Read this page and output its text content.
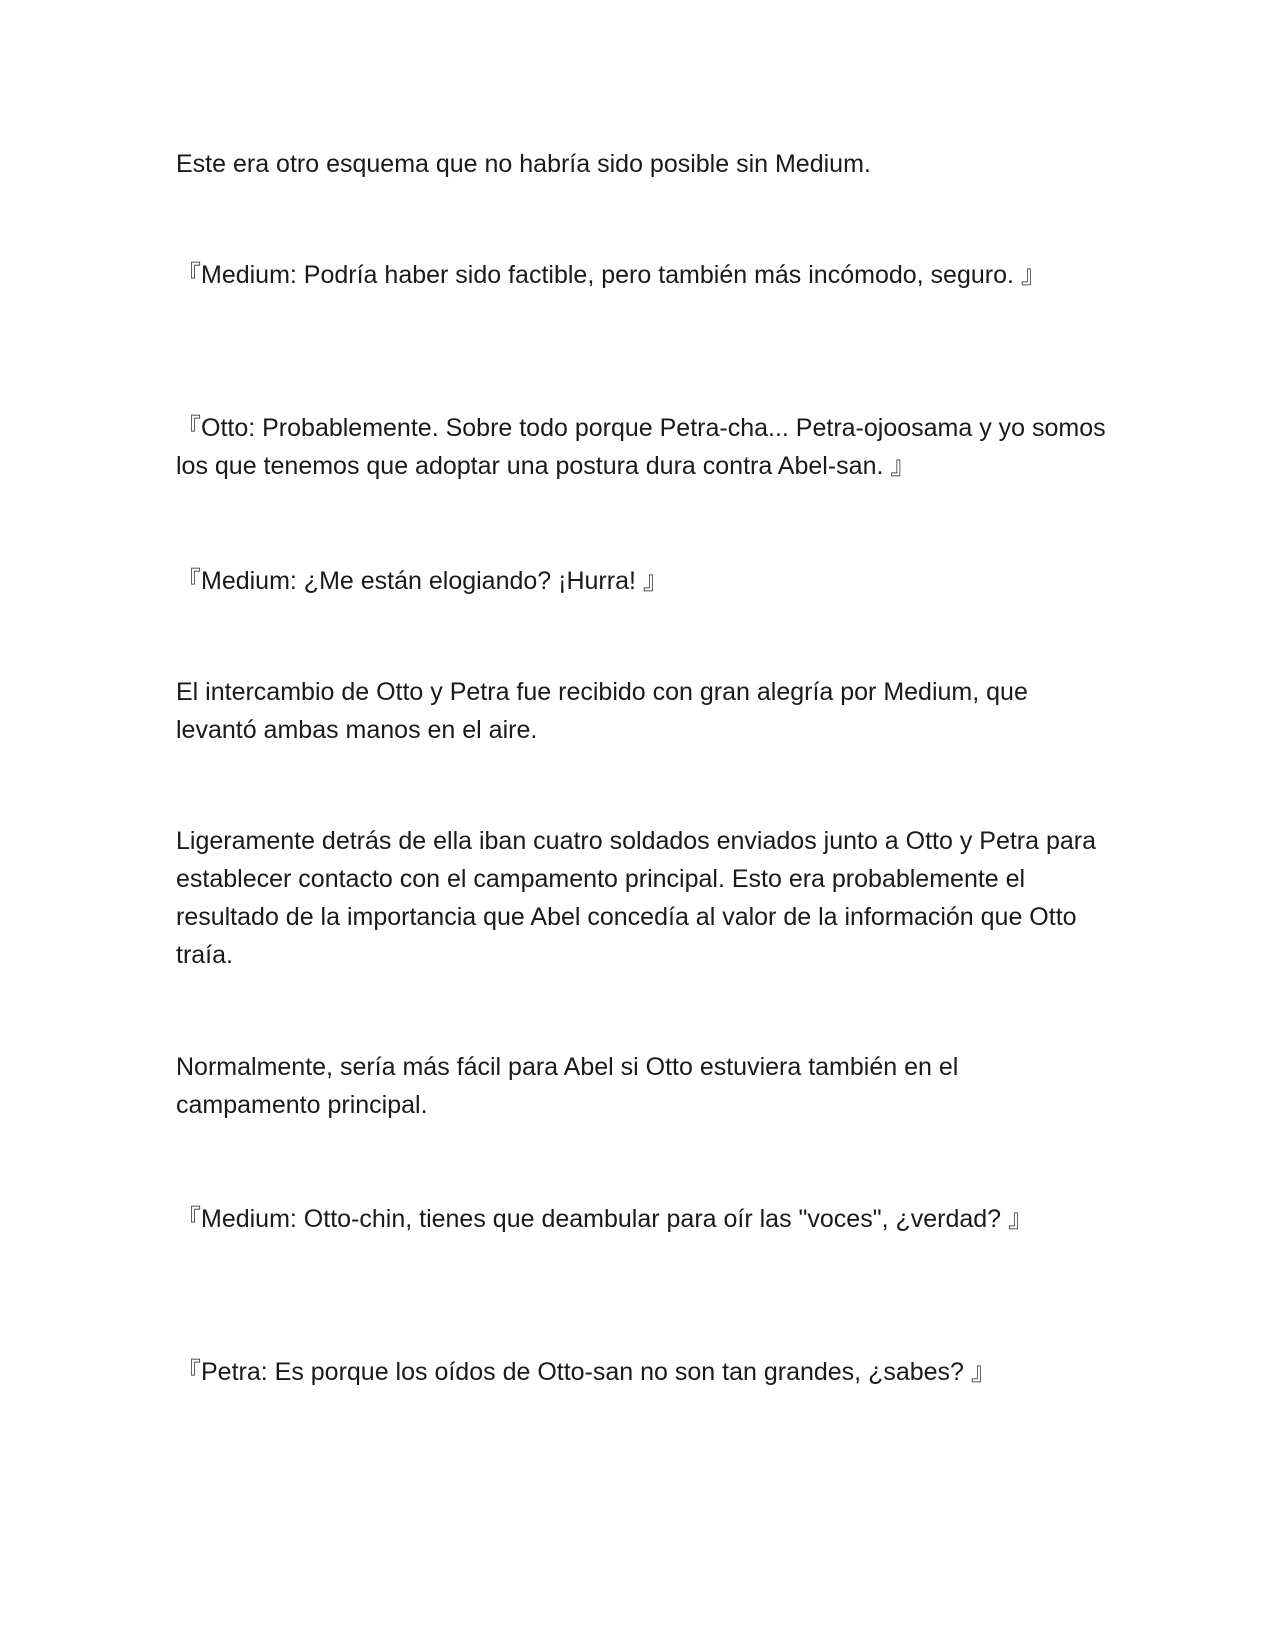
Este era otro esquema que no habría sido posible sin Medium.

『Medium: Podría haber sido factible, pero también más incómodo, seguro. 』

『Otto: Probablemente. Sobre todo porque Petra-cha... Petra-ojoosama y yo somos los que tenemos que adoptar una postura dura contra Abel-san. 』

『Medium: ¿Me están elogiando? ¡Hurra! 』

El intercambio de Otto y Petra fue recibido con gran alegría por Medium, que levantó ambas manos en el aire.

Ligeramente detrás de ella iban cuatro soldados enviados junto a Otto y Petra para establecer contacto con el campamento principal. Esto era probablemente el resultado de la importancia que Abel concedía al valor de la información que Otto traía.

Normalmente, sería más fácil para Abel si Otto estuviera también en el campamento principal.

『Medium: Otto-chin, tienes que deambular para oír las "voces", ¿verdad? 』

『Petra: Es porque los oídos de Otto-san no son tan grandes, ¿sabes? 』
